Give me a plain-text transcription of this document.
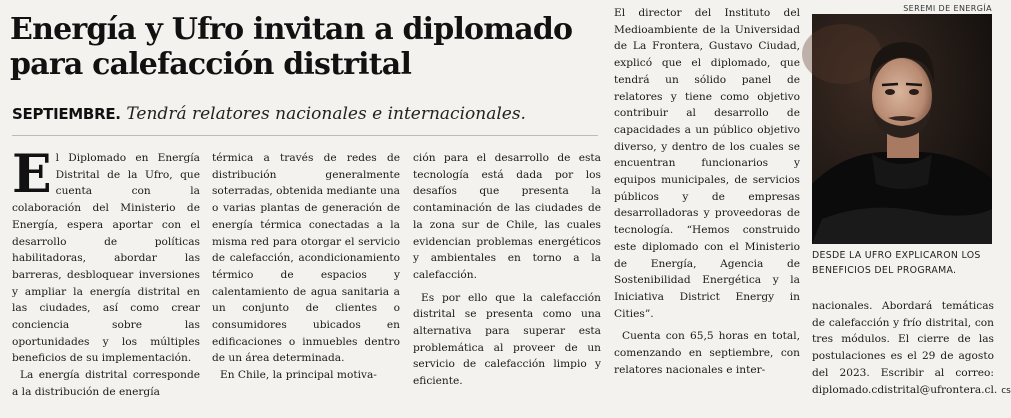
Energía y Ufro invitan a diplomado
para calefacción distrital
SEPTIEMBRE. Tendrá relatores nacionales e internacionales.

El Diplomado en Energía Distrital de la Ufro, que cuenta con la colaboración del Ministerio de Energía, espera aportar con el desarrollo de políticas habilitadoras, abordar las barreras, desbloquear inversiones y ampliar la energía distrital en las ciudades, así como crear conciencia sobre las oportunidades y los múltiples beneficios de su implementación.

La energía distrital corresponde a la distribución de energía

térmica a través de redes de distribución generalmente soterradas, obtenida mediante una o varias plantas de generación de energía térmica conectadas a la misma red para otorgar el servicio de calefacción, acondicionamiento térmico de espacios y calentamiento de agua sanitaria a un conjunto de clientes o consumidores ubicados en edificaciones o inmuebles dentro de un área determinada.

En Chile, la principal motiva-

ción para el desarrollo de esta tecnología está dada por los desafíos que presenta la contaminación de las ciudades de la zona sur de Chile, las cuales evidencian problemas energéticos y ambientales en torno a la calefacción.

Es por ello que la calefacción distrital se presenta como una alternativa para superar esta problemática al proveer de un servicio de calefacción limpio y eficiente.

El director del Instituto del Medioambiente de la Universidad de La Frontera, Gustavo Ciudad, explicó que el diplomado, que tendrá un sólido panel de relatores y tiene como objetivo contribuir al desarrollo de capacidades a un público objetivo diverso, y dentro de los cuales se encuentran funcionarios y equipos municipales, de servicios públicos y de empresas desarrolladoras y proveedoras de tecnología. “Hemos construido este diplomado con el Ministerio de Energía, Agencia de Sostenibilidad Energética y la Iniciativa District Energy in Cities”.

Cuenta con 65,5 horas en total, comenzando en septiembre, con relatores nacionales e inter-

nacionales. Abordará temáticas de calefacción y frío distrital, con tres módulos. El cierre de las postulaciones es el 29 de agosto del 2023. Escribir al correo: diplomado.cdistrital@ufrontera.cl. cs

SEREMI DE ENERGÍA
DESDE LA UFRO EXPLICARON LOS
BENEFICIOS DEL PROGRAMA.
